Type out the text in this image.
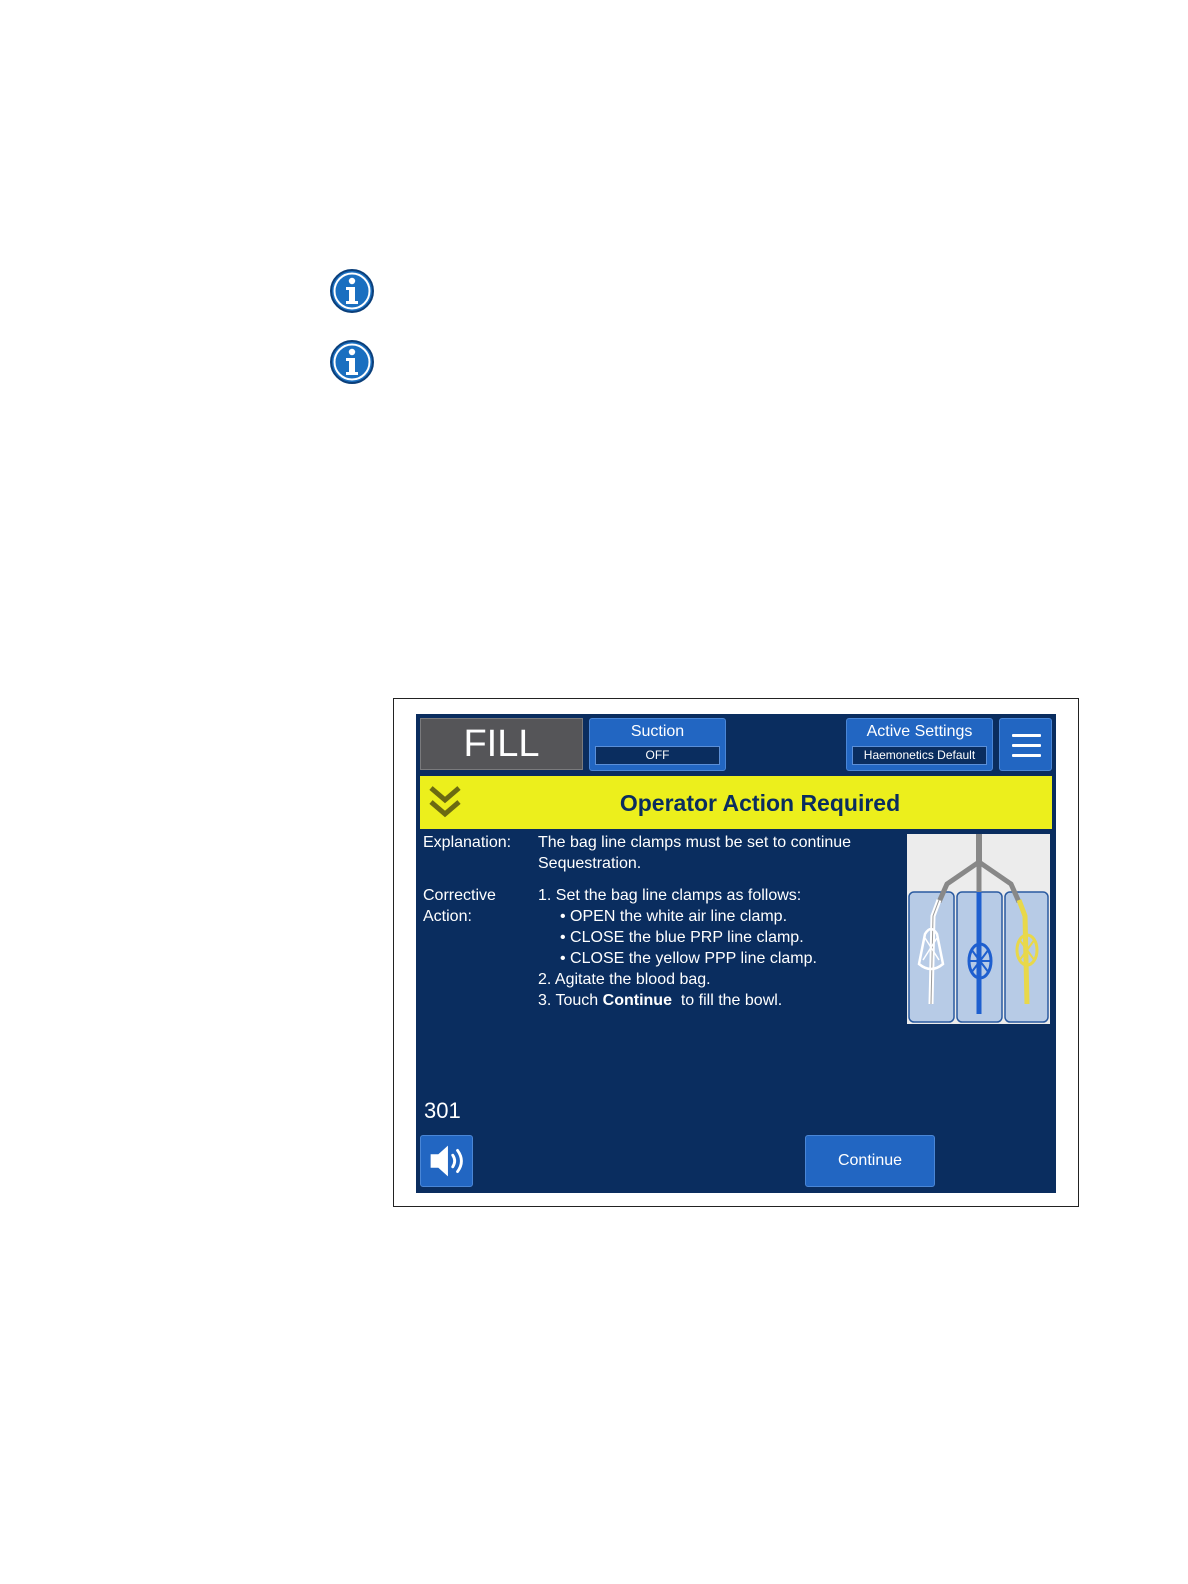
FILL	Suction
OFF
Active Settings
Haemonetics Default
Operator Action Required
Explanation: The bag line clamps must be set to continue
Sequestration.
Corrective
Action:
1. Set the bag line clamps as follows:
• OPEN the white air line clamp.
• CLOSE the blue PRP line clamp.
• CLOSE the yellow PPP line clamp.
2. Agitate the blood bag.
3. Touch Continue  to fill the bowl.
301
Continue
